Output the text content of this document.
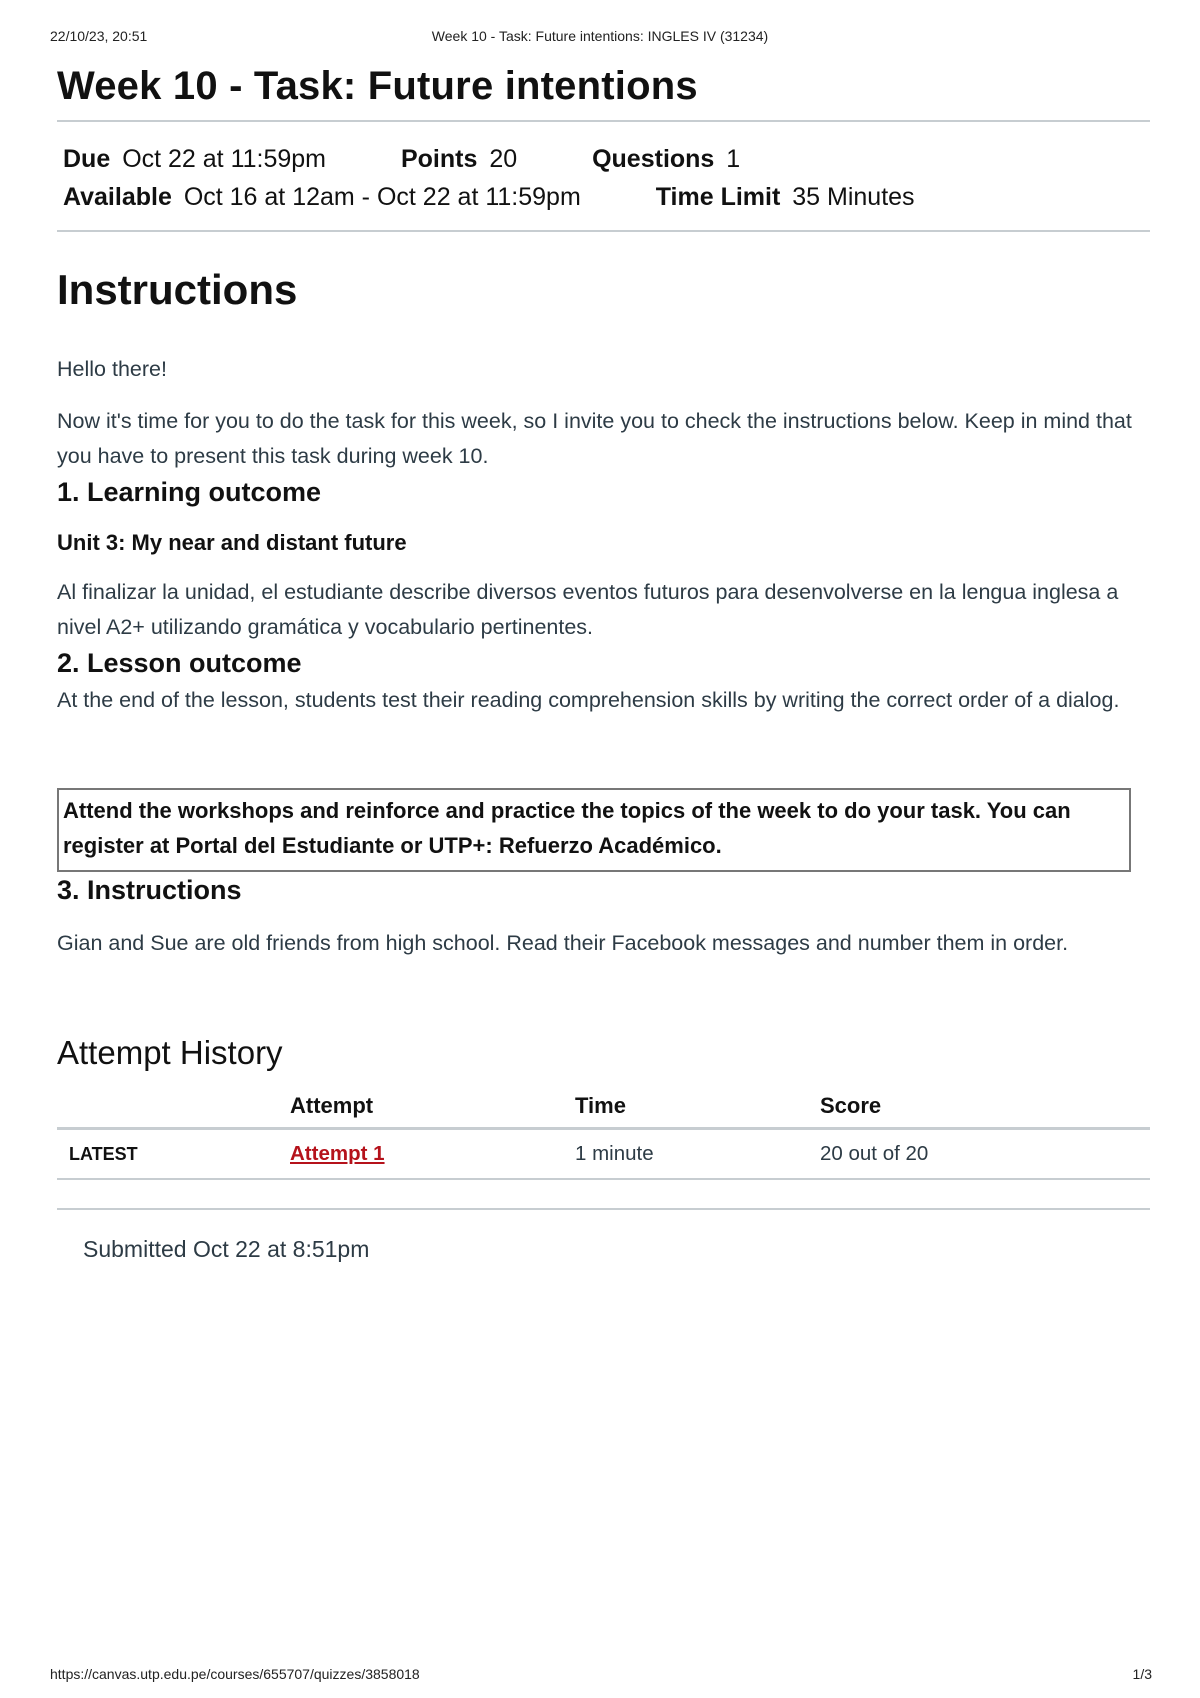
22/10/23, 20:51	Week 10 - Task: Future intentions: INGLES IV (31234)
Week 10 - Task: Future intentions
Due Oct 22 at 11:59pm	Points 20	Questions 1
Available Oct 16 at 12am - Oct 22 at 11:59pm	Time Limit 35 Minutes
Instructions

Hello there!

Now it's time for you to do the task for this week, so I invite you to check the instructions below. Keep in mind that you have to present this task during week 10.

1. Learning outcome
Unit 3: My near and distant future

Al finalizar la unidad, el estudiante describe diversos eventos futuros para desenvolverse en la lengua inglesa a nivel A2+ utilizando gramática y vocabulario pertinentes.

2. Lesson outcome

At the end of the lesson, students test their reading comprehension skills by writing the correct order of a dialog.

Attend the workshops and reinforce and practice the topics of the week to do your task. You can register at Portal del Estudiante or UTP+: Refuerzo Académico.
3. Instructions

Gian and Sue are old friends from high school. Read their Facebook messages and number them in order.

Attempt History
	Attempt	Time	Score
LATEST	Attempt 1	1 minute	20 out of 20
Submitted Oct 22 at 8:51pm
https://canvas.utp.edu.pe/courses/655707/quizzes/3858018	1/3
